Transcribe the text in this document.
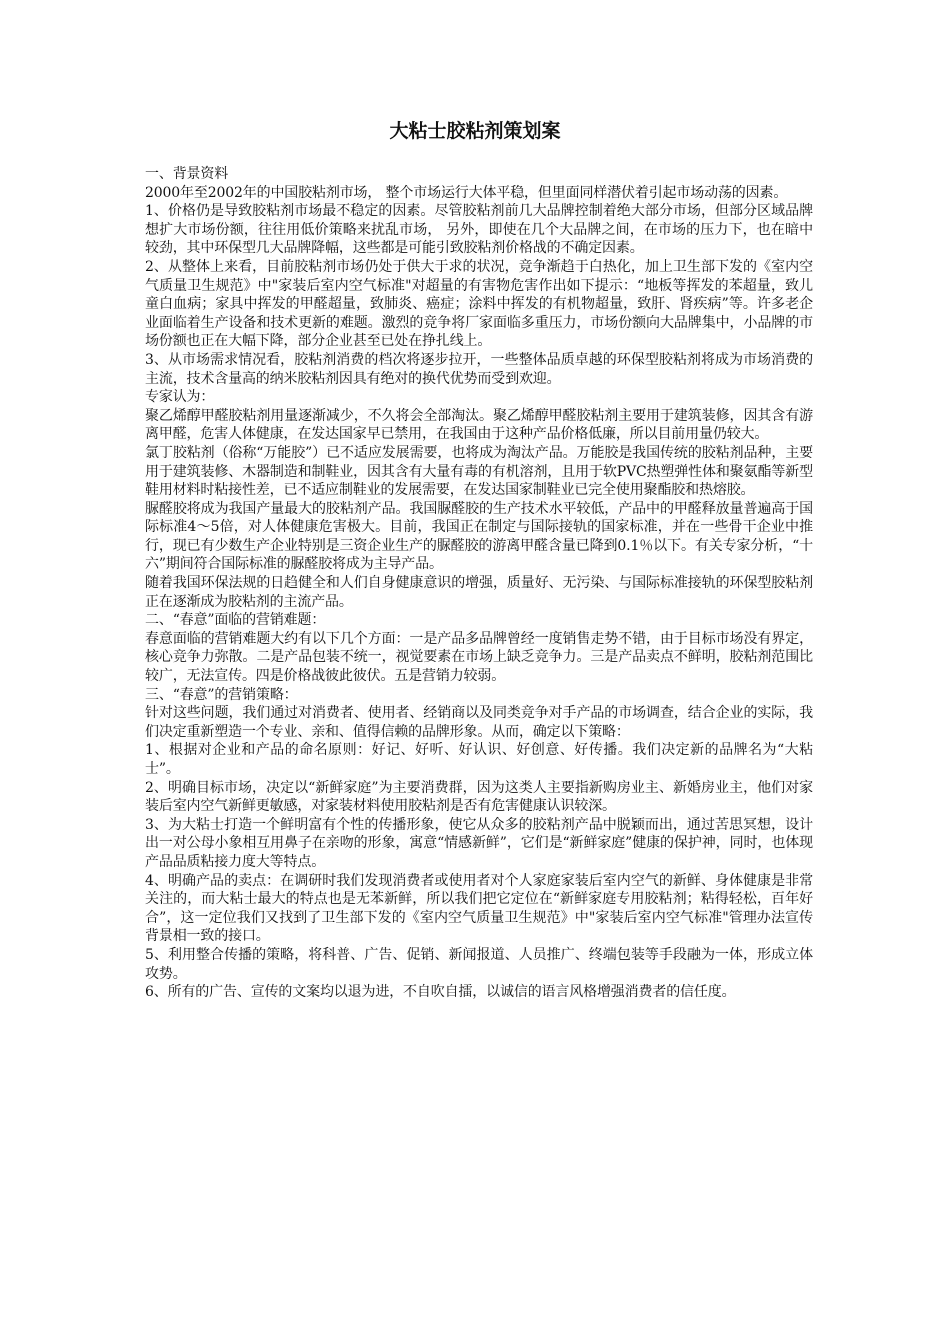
大粘士胶粘剂策划案

一、背景资料

2000年至2002年的中国胶粘剂市场， 整个市场运行大体平稳，但里面同样潜伏着引起市场动荡的因素。

1、价格仍是导致胶粘剂市场最不稳定的因素。尽管胶粘剂前几大品牌控制着绝大部分市场，但部分区域品牌想扩大市场份额，往往用低价策略来扰乱市场， 另外，即使在几个大品牌之间，在市场的压力下，也在暗中较劲，其中环保型几大品牌降幅，这些都是可能引致胶粘剂价格战的不确定因素。

2、从整体上来看，目前胶粘剂市场仍处于供大于求的状况，竞争渐趋于白热化，加上卫生部下发的《室内空气质量卫生规范》中"家装后室内空气标准"对超量的有害物危害作出如下提示：“地板等挥发的苯超量，致儿童白血病；家具中挥发的甲醛超量，致肺炎、癌症；涂料中挥发的有机物超量，致肝、肾疾病”等。许多老企业面临着生产设备和技术更新的难题。激烈的竞争将厂家面临多重压力，市场份额向大品牌集中，小品牌的市场份额也正在大幅下降，部分企业甚至已处在挣扎线上。

3、从市场需求情况看，胶粘剂消费的档次将逐步拉开，一些整体品质卓越的环保型胶粘剂将成为市场消费的主流，技术含量高的纳米胶粘剂因具有绝对的换代优势而受到欢迎。

专家认为：

聚乙烯醇甲醛胶粘剂用量逐渐减少，不久将会全部淘汰。聚乙烯醇甲醛胶粘剂主要用于建筑装修，因其含有游离甲醛，危害人体健康，在发达国家早已禁用，在我国由于这种产品价格低廉，所以目前用量仍较大。

氯丁胶粘剂（俗称“万能胶”）已不适应发展需要，也将成为淘汰产品。万能胶是我国传统的胶粘剂品种，主要用于建筑装修、木器制造和制鞋业，因其含有大量有毒的有机溶剂，且用于软PVC热塑弹性体和聚氨酯等新型鞋用材料时粘接性差，已不适应制鞋业的发展需要，在发达国家制鞋业已完全使用聚酯胶和热熔胶。

脲醛胶将成为我国产量最大的胶粘剂产品。我国脲醛胶的生产技术水平较低，产品中的甲醛释放量普遍高于国际标准4～5倍，对人体健康危害极大。目前，我国正在制定与国际接轨的国家标准，并在一些骨干企业中推行，现已有少数生产企业特别是三资企业生产的脲醛胶的游离甲醛含量已降到0.1％以下。有关专家分析，“十六”期间符合国际标准的脲醛胶将成为主导产品。

随着我国环保法规的日趋健全和人们自身健康意识的增强，质量好、无污染、与国际标准接轨的环保型胶粘剂正在逐渐成为胶粘剂的主流产品。

二、“春意”面临的营销难题：

春意面临的营销难题大约有以下几个方面：一是产品多品牌曾经一度销售走势不错，由于目标市场没有界定，核心竞争力弥散。二是产品包装不统一，视觉要素在市场上缺乏竞争力。三是产品卖点不鲜明，胶粘剂范围比较广，无法宣传。四是价格战彼此彼伏。五是营销力较弱。

三、“春意”的营销策略：

针对这些问题，我们通过对消费者、使用者、经销商以及同类竞争对手产品的市场调查，结合企业的实际，我们决定重新塑造一个专业、亲和、值得信赖的品牌形象。从而，确定以下策略：

1、根据对企业和产品的命名原则：好记、好听、好认识、好创意、好传播。我们决定新的品牌名为“大粘士”。

2、明确目标市场，决定以“新鲜家庭”为主要消费群，因为这类人主要指新购房业主、新婚房业主，他们对家装后室内空气新鲜更敏感，对家装材料使用胶粘剂是否有危害健康认识较深。

3、为大粘士打造一个鲜明富有个性的传播形象，使它从众多的胶粘剂产品中脱颖而出，通过苦思冥想，设计出一对公母小象相互用鼻子在亲吻的形象，寓意“情感新鲜”，它们是“新鲜家庭”健康的保护神，同时，也体现产品品质粘接力度大等特点。

4、明确产品的卖点：在调研时我们发现消费者或使用者对个人家庭家装后室内空气的新鲜、身体健康是非常关注的，而大粘士最大的特点也是无苯新鲜，所以我们把它定位在“新鲜家庭专用胶粘剂；粘得轻松，百年好合”，这一定位我们又找到了卫生部下发的《室内空气质量卫生规范》中"家装后室内空气标准"管理办法宣传背景相一致的接口。

5、利用整合传播的策略，将科普、广告、促销、新闻报道、人员推广、终端包装等手段融为一体，形成立体攻势。

6、所有的广告、宣传的文案均以退为进，不自吹自擂，以诚信的语言风格增强消费者的信任度。
